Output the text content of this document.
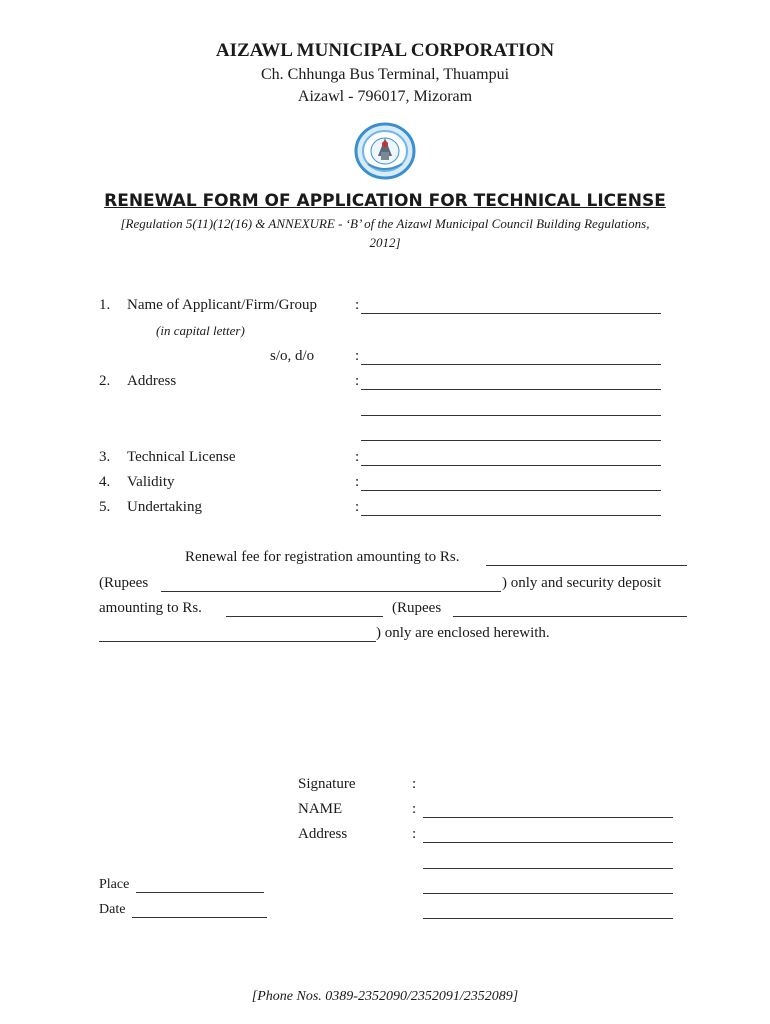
AIZAWL MUNICIPAL CORPORATION
Ch. Chhunga Bus Terminal, Thuampui
Aizawl - 796017, Mizoram
RENEWAL FORM OF APPLICATION FOR TECHNICAL LICENSE
[Regulation 5(11)(12(16) & ANNEXURE - ‘B’ of the Aizawl Municipal Council Building Regulations,
2012]
1. Name of Applicant/Firm/Group	:
(in capital letter)
s/o, d/o	:
2. Address	:
3. Technical License	:
4. Validity	:
5. Undertaking	:
Renewal fee for registration amounting to Rs.
(Rupees	) only and security deposit
amounting to Rs.	(Rupees
) only are enclosed herewith.
Signature	:
NAME	:
Address	:
Place
Date
[Phone Nos. 0389-2352090/2352091/2352089]
